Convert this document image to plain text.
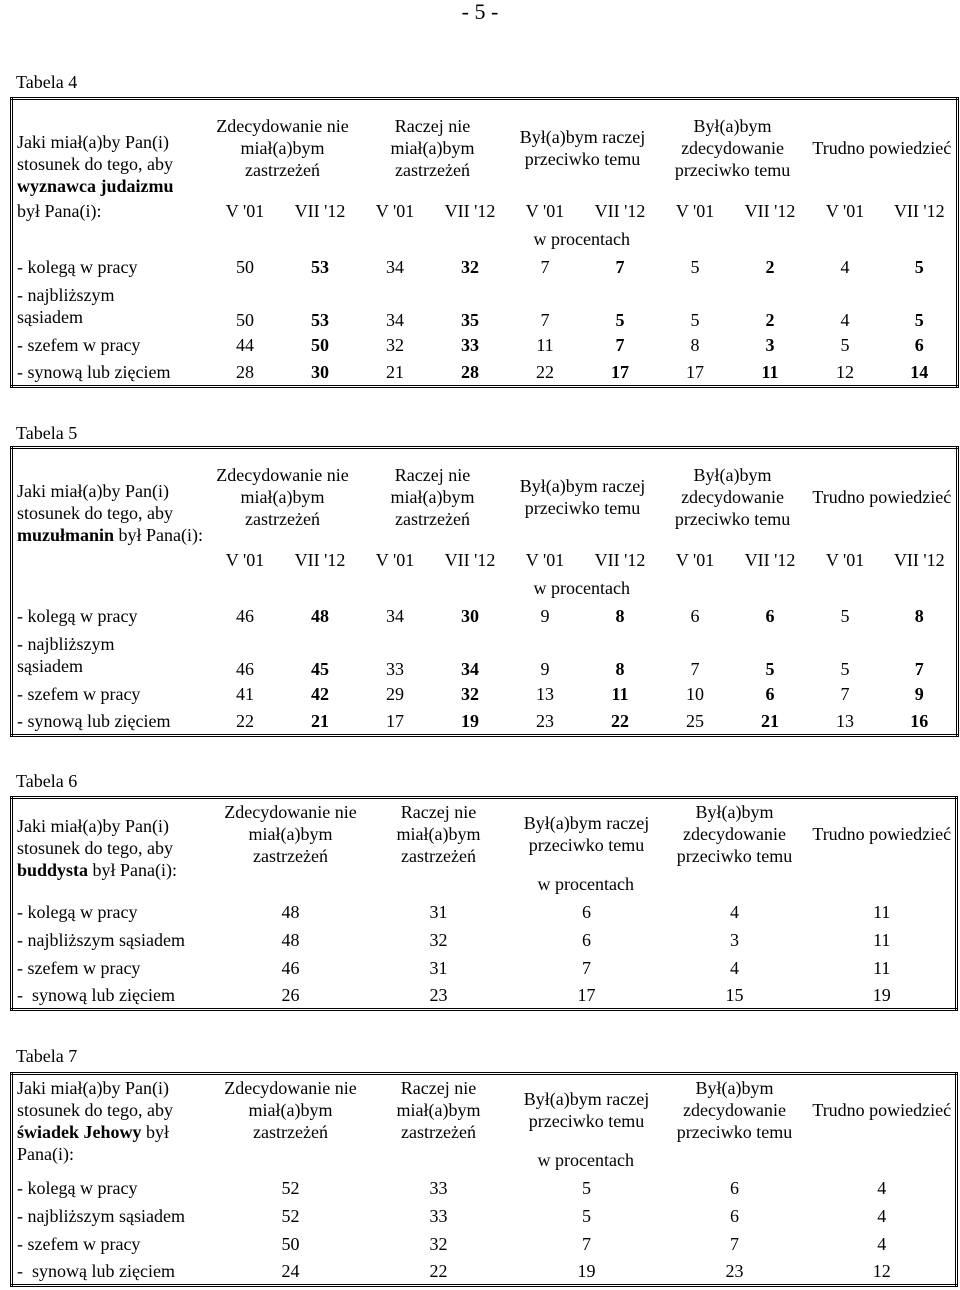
- 5 -
Tabela 4
Jaki miał(a)by Pan(i) stosunek do tego, aby wyznawca judaizmu	Zdecydowanie nie miał(a)bym zastrzeżeń		Raczej nie miał(a)bym zastrzeżeń		Był(a)bym raczej przeciwko temu		Był(a)bym zdecydowanie przeciwko temu		Trudno powiedzieć	
był Pana(i):	V '01	VII '12	V '01	VII '12	V '01	VII '12	V '01	VII '12	V '01	VII '12
	w procentach									
- kolegą w pracy	50	53	34	32	7	7	5	2	4	5

- najbliższym
sąsiadem	50	53	34	35	7	5	5	2	4	5
- szefem w pracy	44	50	32	33	11	7	8	3	5	6
- synową lub zięciem	28	30	21	28	22	17	17	11	12	14
Tabela 5
Jaki miał(a)by Pan(i) stosunek do tego, aby muzułmanin był Pana(i):	Zdecydowanie nie miał(a)bym zastrzeżeń		Raczej nie miał(a)bym zastrzeżeń		Był(a)bym raczej przeciwko temu		Był(a)bym zdecydowanie przeciwko temu		Trudno powiedzieć	
	V '01	VII '12	V '01	VII '12	V '01	VII '12	V '01	VII '12	V '01	VII '12
	w procentach									
- kolegą w pracy	46	48	34	30	9	8	6	6	5	8

- najbliższym
sąsiadem	46	45	33	34	9	8	7	5	5	7
- szefem w pracy	41	42	29	32	13	11	10	6	7	9
- synową lub zięciem	22	21	17	19	23	22	25	21	13	16
Tabela 6
Jaki miał(a)by Pan(i) stosunek do tego, aby buddysta był Pana(i):	Zdecydowanie nie miał(a)bym zastrzeżeń	Raczej nie miał(a)bym zastrzeżeń	Był(a)bym raczej przeciwko temu	Był(a)bym zdecydowanie przeciwko temu	Trudno powiedzieć
	w procentach				
- kolegą w pracy	48	31	6	4	11
- najbliższym sąsiadem	48	32	6	3	11
- szefem w pracy	46	31	7	4	11
-  synową lub zięciem	26	23	17	15	19
Tabela 7
Jaki miał(a)by Pan(i) stosunek do tego, aby świadek Jehowy był Pana(i):	Zdecydowanie nie miał(a)bym zastrzeżeń	Raczej nie miał(a)bym zastrzeżeń	Był(a)bym raczej przeciwko temu	Był(a)bym zdecydowanie przeciwko temu	Trudno powiedzieć
	w procentach				
- kolegą w pracy	52	33	5	6	4
- najbliższym sąsiadem	52	33	5	6	4
- szefem w pracy	50	32	7	7	4
-  synową lub zięciem	24	22	19	23	12
